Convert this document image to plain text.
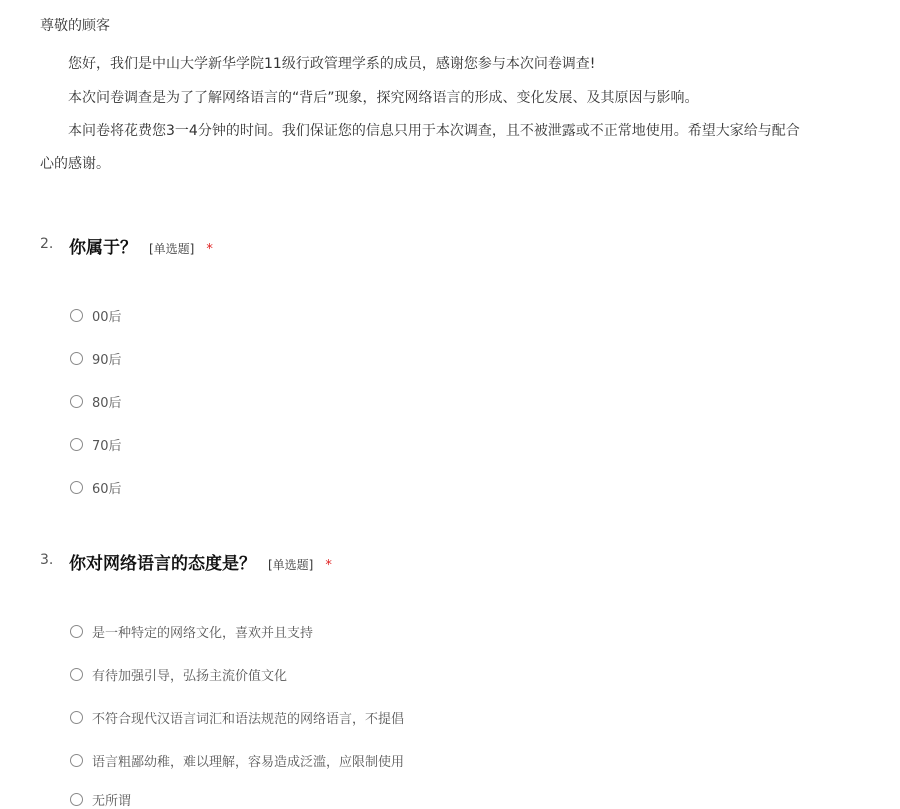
尊敬的顾客

您好，我们是中山大学新华学院11级行政管理学系的成员，感谢您参与本次问卷调查!

本次问卷调查是为了了解网络语言的“背后”现象，探究网络语言的形成、变化发展、及其原因与影响。

本问卷将花费您3一4分钟的时间。我们保证您的信息只用于本次调查，且不被泄露或不正常地使用。希望大家给与配合

心的感谢。

2. 你属于？ [单选题] *
00后
90后
80后
70后
60后
3. 你对网络语言的态度是？ [单选题] *
是一种特定的网络文化，喜欢并且支持
有待加强引导，弘扬主流价值文化
不符合现代汉语言词汇和语法规范的网络语言，不提倡
语言粗鄙幼稚，难以理解，容易造成泛滥，应限制使用
无所谓
